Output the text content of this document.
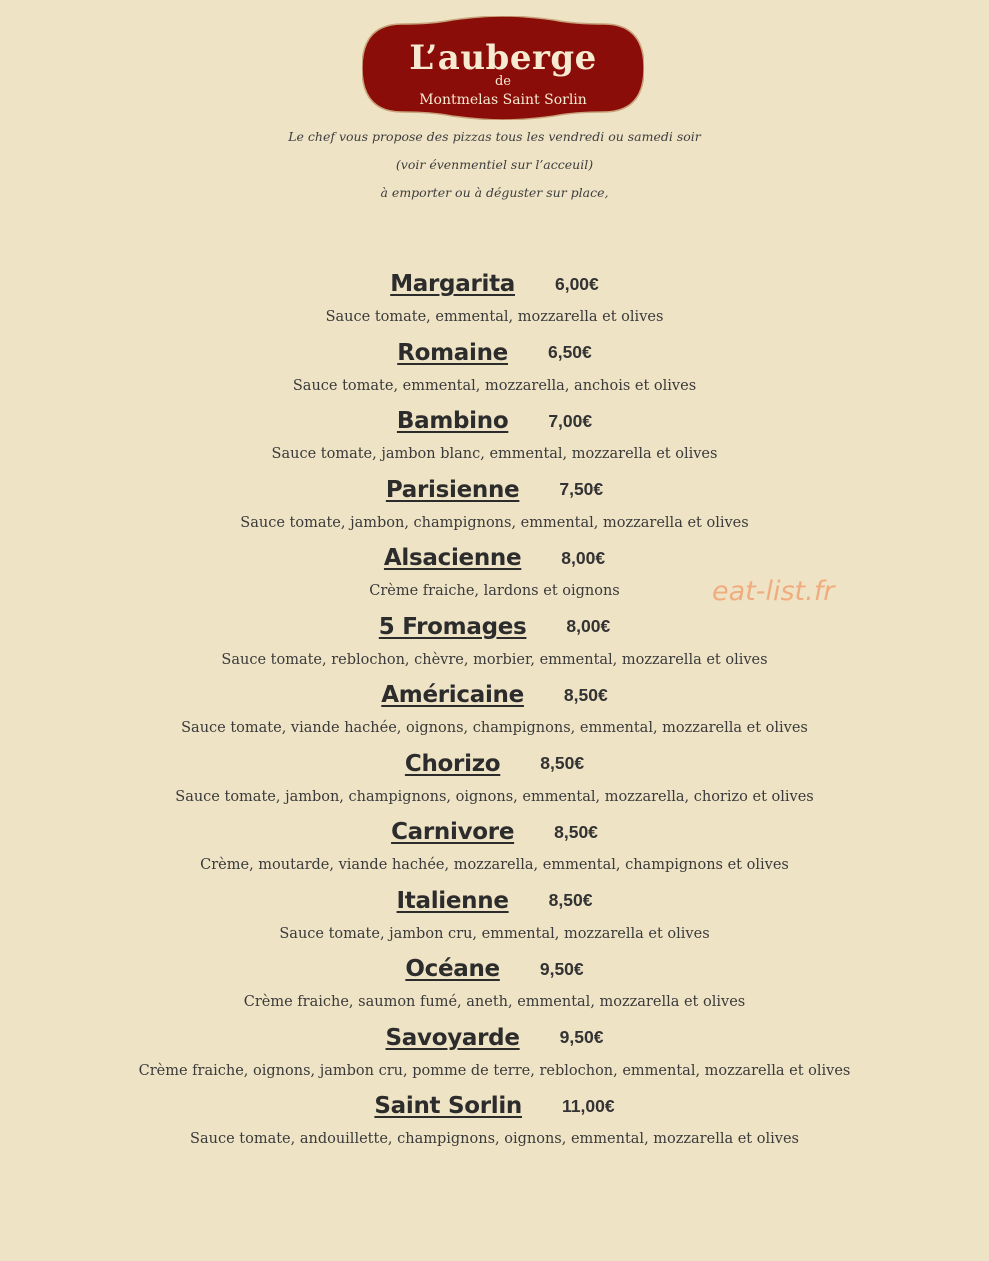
L’auberge
de
Montmelas Saint Sorlin
Le chef vous propose des pizzas tous les vendredi ou samedi soir
(voir évenmentiel sur l’acceuil)
à emporter ou à déguster sur place,
Margarita 6,00€
Sauce tomate, emmental, mozzarella et olives
Romaine 6,50€
Sauce tomate, emmental, mozzarella, anchois et olives
Bambino 7,00€
Sauce tomate, jambon blanc, emmental, mozzarella et olives
Parisienne 7,50€
Sauce tomate, jambon, champignons, emmental, mozzarella et olives
Alsacienne 8,00€
Crème fraiche, lardons et oignons
5 Fromages 8,00€
Sauce tomate, reblochon, chèvre, morbier, emmental, mozzarella et olives
Américaine 8,50€
Sauce tomate, viande hachée, oignons, champignons, emmental, mozzarella et olives
Chorizo 8,50€
Sauce tomate, jambon, champignons, oignons, emmental, mozzarella, chorizo et olives
Carnivore 8,50€
Crème, moutarde, viande hachée, mozzarella, emmental, champignons et olives
Italienne 8,50€
Sauce tomate, jambon cru, emmental, mozzarella et olives
Océane 9,50€
Crème fraiche, saumon fumé, aneth, emmental, mozzarella et olives
Savoyarde 9,50€
Crème fraiche, oignons, jambon cru, pomme de terre, reblochon, emmental, mozzarella et olives
Saint Sorlin 11,00€
Sauce tomate, andouillette, champignons, oignons, emmental, mozzarella et olives
eat-list.fr
